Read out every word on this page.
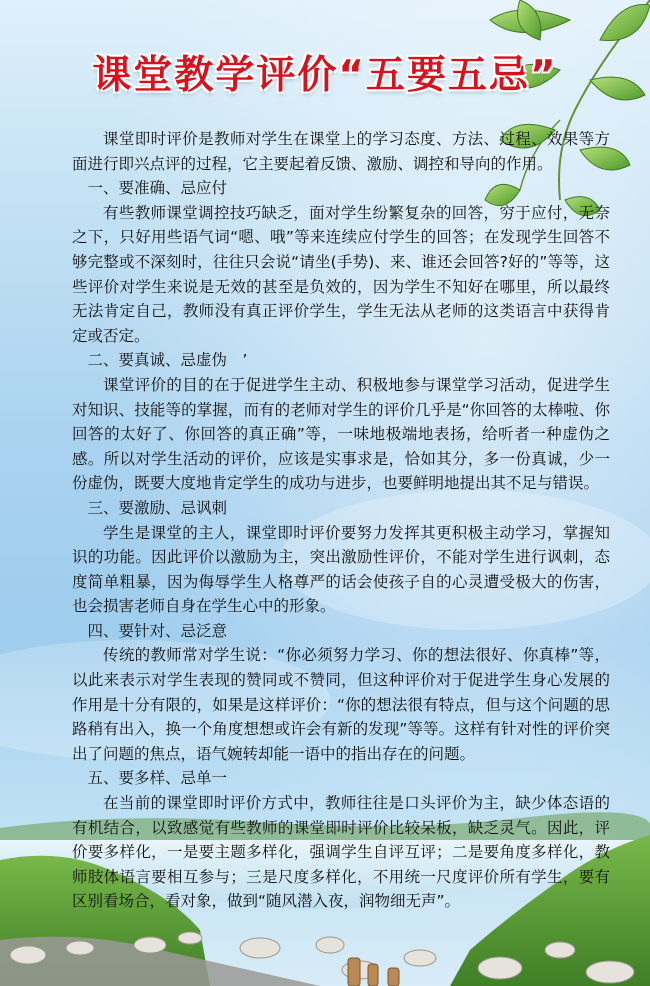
课堂教学评价“五要五忌”

课堂即时评价是教师对学生在课堂上的学习态度、方法、过程、效果等方面进行即兴点评的过程，它主要起着反馈、激励、调控和导向的作用。

一、要准确、忌应付

有些教师课堂调控技巧缺乏，面对学生纷繁复杂的回答，穷于应付，无奈之下，只好用些语气词“嗯、哦”等来连续应付学生的回答；在发现学生回答不够完整或不深刻时，往往只会说“请坐(手势)、来、谁还会回答?好的”等等，这些评价对学生来说是无效的甚至是负效的，因为学生不知好在哪里，所以最终无法肯定自己，教师没有真正评价学生，学生无法从老师的这类语言中获得肯定或否定。

二、要真诚、忌虚伪　’

课堂评价的目的在于促进学生主动、积极地参与课堂学习活动，促进学生对知识、技能等的掌握，而有的老师对学生的评价几乎是“你回答的太棒啦、你回答的太好了、你回答的真正确”等，一味地极端地表扬，给听者一种虚伪之感。所以对学生活动的评价，应该是实事求是，恰如其分，多一份真诚，少一份虚伪，既要大度地肯定学生的成功与进步，也要鲜明地提出其不足与错误。

三、要激励、忌讽刺

学生是课堂的主人，课堂即时评价要努力发挥其更积极主动学习，掌握知识的功能。因此评价以激励为主，突出激励性评价，不能对学生进行讽刺，态度简单粗暴，因为侮辱学生人格尊严的话会使孩子自的心灵遭受极大的伤害，也会损害老师自身在学生心中的形象。

四、要针对、忌泛意

传统的教师常对学生说：“你必须努力学习、你的想法很好、你真棒”等，以此来表示对学生表现的赞同或不赞同，但这种评价对于促进学生身心发展的作用是十分有限的，如果是这样评价：“你的想法很有特点，但与这个问题的思路稍有出入，换一个角度想想或许会有新的发现”等等。这样有针对性的评价突出了问题的焦点，语气婉转却能一语中的指出存在的问题。

五、要多样、忌单一

在当前的课堂即时评价方式中，教师往往是口头评价为主，缺少体态语的有机结合，以致感觉有些教师的课堂即时评价比较呆板，缺乏灵气。因此，评价要多样化，一是要主题多样化，强调学生自评互评；二是要角度多样化，教师肢体语言要相互参与；三是尺度多样化，不用统一尺度评价所有学生，要有区别看场合，看对象，做到“随风潜入夜，润物细无声”。
